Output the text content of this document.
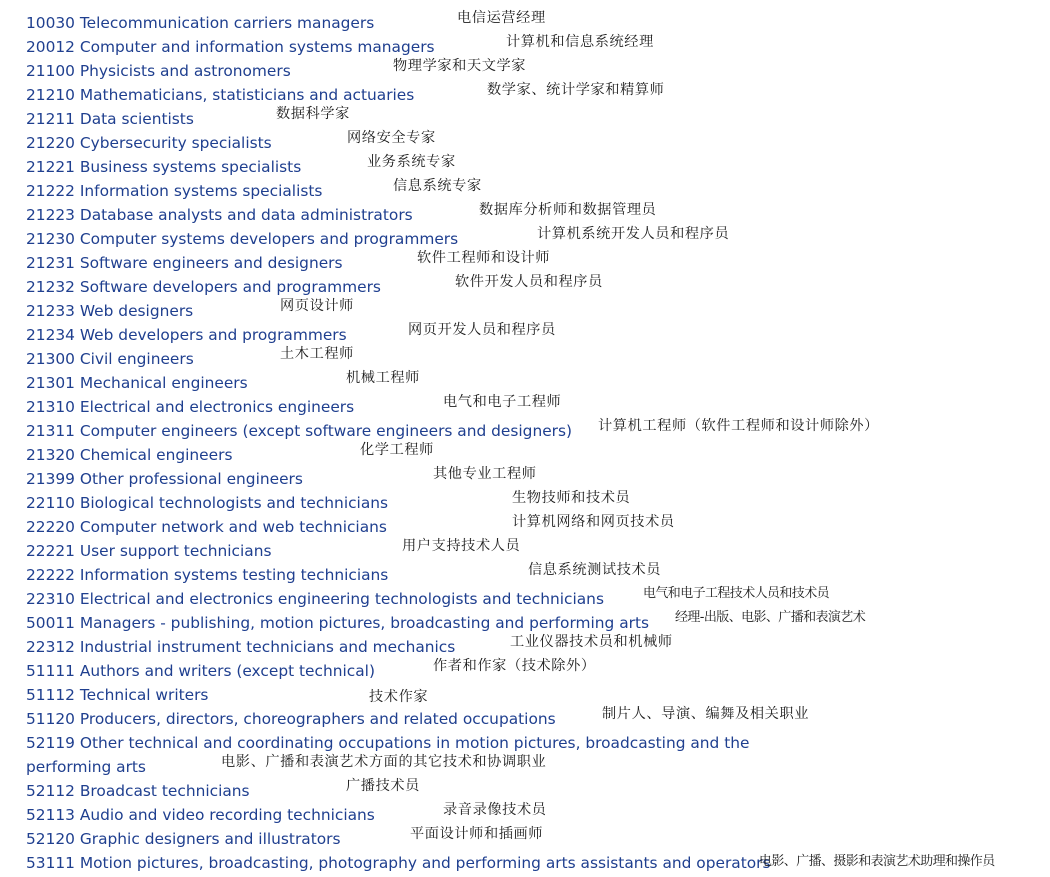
10030 Telecommunication carriers managers	电信运营经理
20012 Computer and information systems managers	计算机和信息系统经理
21100 Physicists and astronomers	物理学家和天文学家
21210 Mathematicians, statisticians and actuaries	数学家、统计学家和精算师
21211 Data scientists	数据科学家
21220 Cybersecurity specialists	网络安全专家
21221 Business systems specialists	业务系统专家
21222 Information systems specialists	信息系统专家
21223 Database analysts and data administrators	数据库分析师和数据管理员
21230 Computer systems developers and programmers	计算机系统开发人员和程序员
21231 Software engineers and designers	软件工程师和设计师
21232 Software developers and programmers	软件开发人员和程序员
21233 Web designers	网页设计师
21234 Web developers and programmers	网页开发人员和程序员
21300 Civil engineers	土木工程师
21301 Mechanical engineers	机械工程师
21310 Electrical and electronics engineers	电气和电子工程师
21311 Computer engineers (except software engineers and designers) 计算机工程师（软件工程师和设计师除外）
21320 Chemical engineers	化学工程师
21399 Other professional engineers	其他专业工程师
22110 Biological technologists and technicians	生物技师和技术员
22220 Computer network and web technicians	计算机网络和网页技术员
22221 User support technicians	用户支持技术人员
22222 Information systems testing technicians	信息系统测试技术员
22310 Electrical and electronics engineering technologists and technicians	电气和电子工程技术人员和技术员
50011 Managers - publishing, motion pictures, broadcasting and performing arts 经理-出版、电影、广播和表演艺术
22312 Industrial instrument technicians and mechanics	工业仪器技术员和机械师
51111 Authors and writers (except technical)	作者和作家（技术除外）
51112 Technical writers	技术作家
51120 Producers, directors, choreographers and related occupations	制片人、导演、编舞及相关职业
52119 Other technical and coordinating occupations in motion pictures, broadcasting and the
performing arts	电影、广播和表演艺术方面的其它技术和协调职业
52112 Broadcast technicians	广播技术员
52113 Audio and video recording technicians	录音录像技术员
52120 Graphic designers and illustrators	平面设计师和插画师
53111 Motion pictures, broadcasting, photography and performing arts assistants and operators
电影、广播、摄影和表演艺术助理和操作员
